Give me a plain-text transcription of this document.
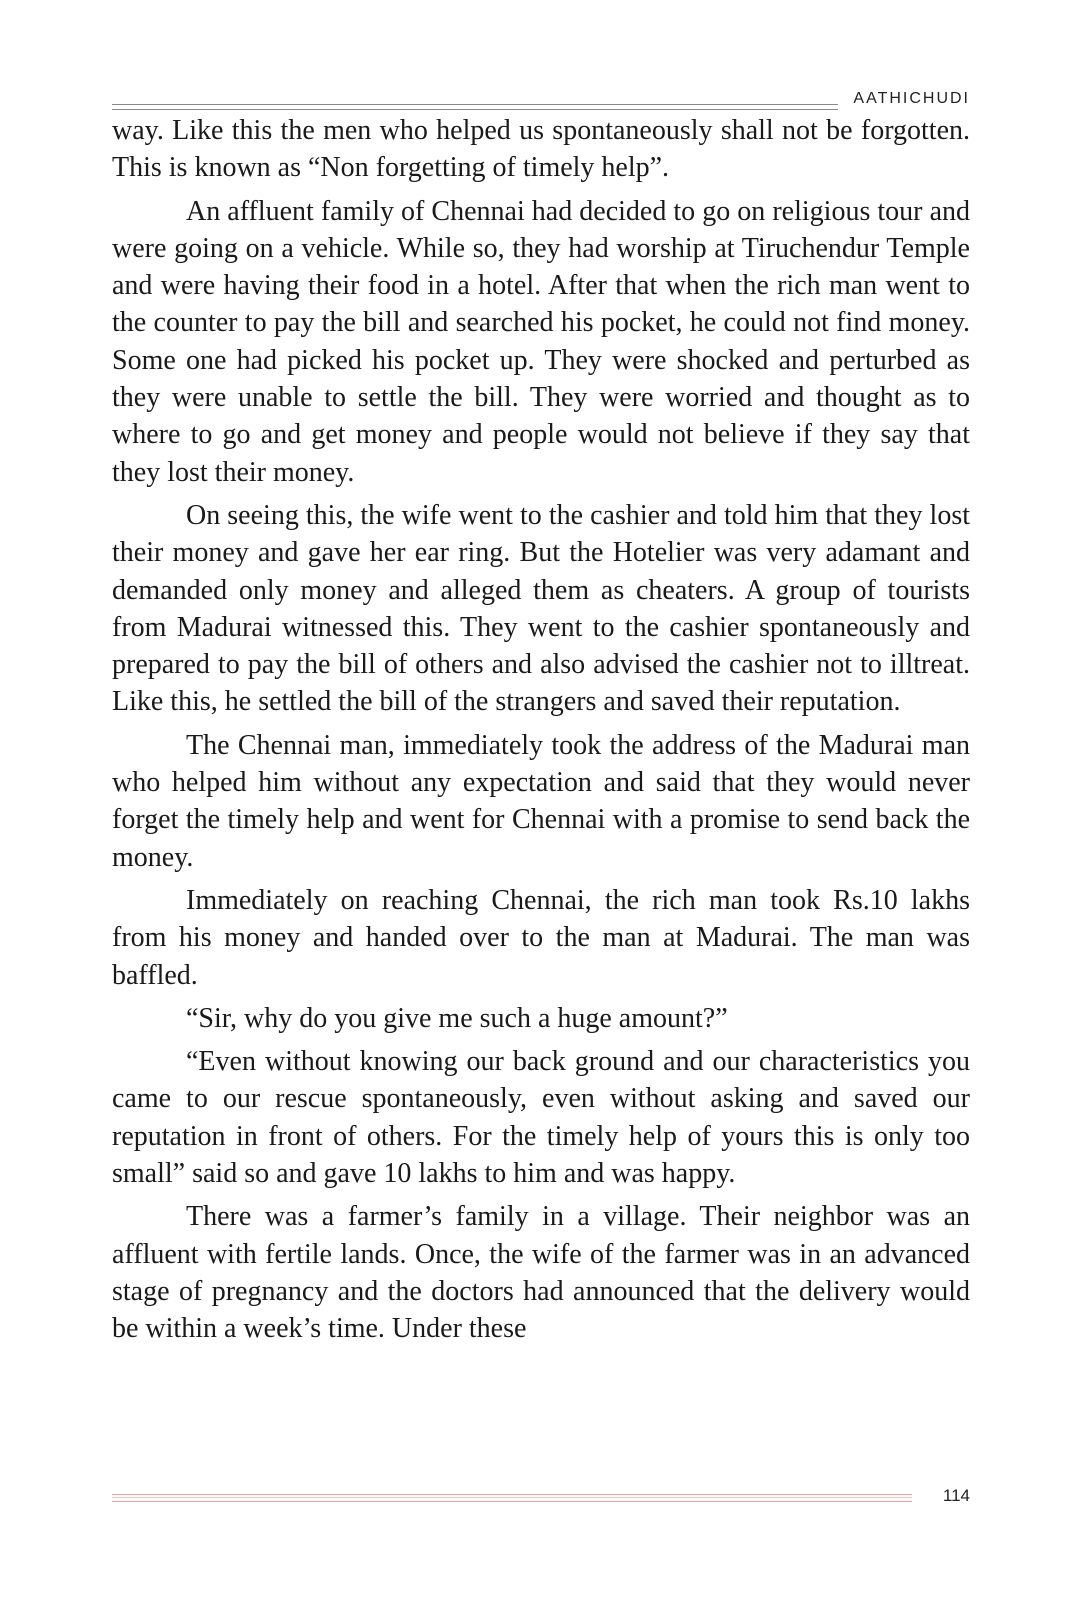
AATHICHUDI

way. Like this the men who helped us spontaneously shall not be forgotten. This is known as “Non forgetting of timely help”.

An affluent family of Chennai had decided to go on religious tour and were going on a vehicle. While so, they had worship at Tiruchendur Temple and were having their food in a hotel. After that when the rich man went to the counter to pay the bill and searched his pocket, he could not find money. Some one had picked his pocket up. They were shocked and perturbed as they were unable to settle the bill. They were worried and thought as to where to go and get money and people would not believe if they say that they lost their money.

On seeing this, the wife went to the cashier and told him that they lost their money and gave her ear ring. But the Hotelier was very adamant and demanded only money and alleged them as cheaters. A group of tourists from Madurai witnessed this. They went to the cashier spontaneously and prepared to pay the bill of others and also advised the cashier not to illtreat. Like this, he settled the bill of the strangers and saved their reputation.

The Chennai man, immediately took the address of the Madurai man who helped him without any expectation and said that they would never forget the timely help and went for Chennai with a promise to send back the money.

Immediately on reaching Chennai, the rich man took Rs.10 lakhs from his money and handed over to the man at Madurai. The man was baffled.

“Sir, why do you give me such a huge amount?”

“Even without knowing our back ground and our characteristics you came to our rescue spontaneously, even without asking and saved our reputation in front of others. For the timely help of yours this is only too small” said so and gave 10 lakhs to him and was happy.

There was a farmer’s family in a village. Their neighbor was an affluent with fertile lands. Once, the wife of the farmer was in an advanced stage of pregnancy and the doctors had announced that the delivery would be within a week’s time. Under these

114
